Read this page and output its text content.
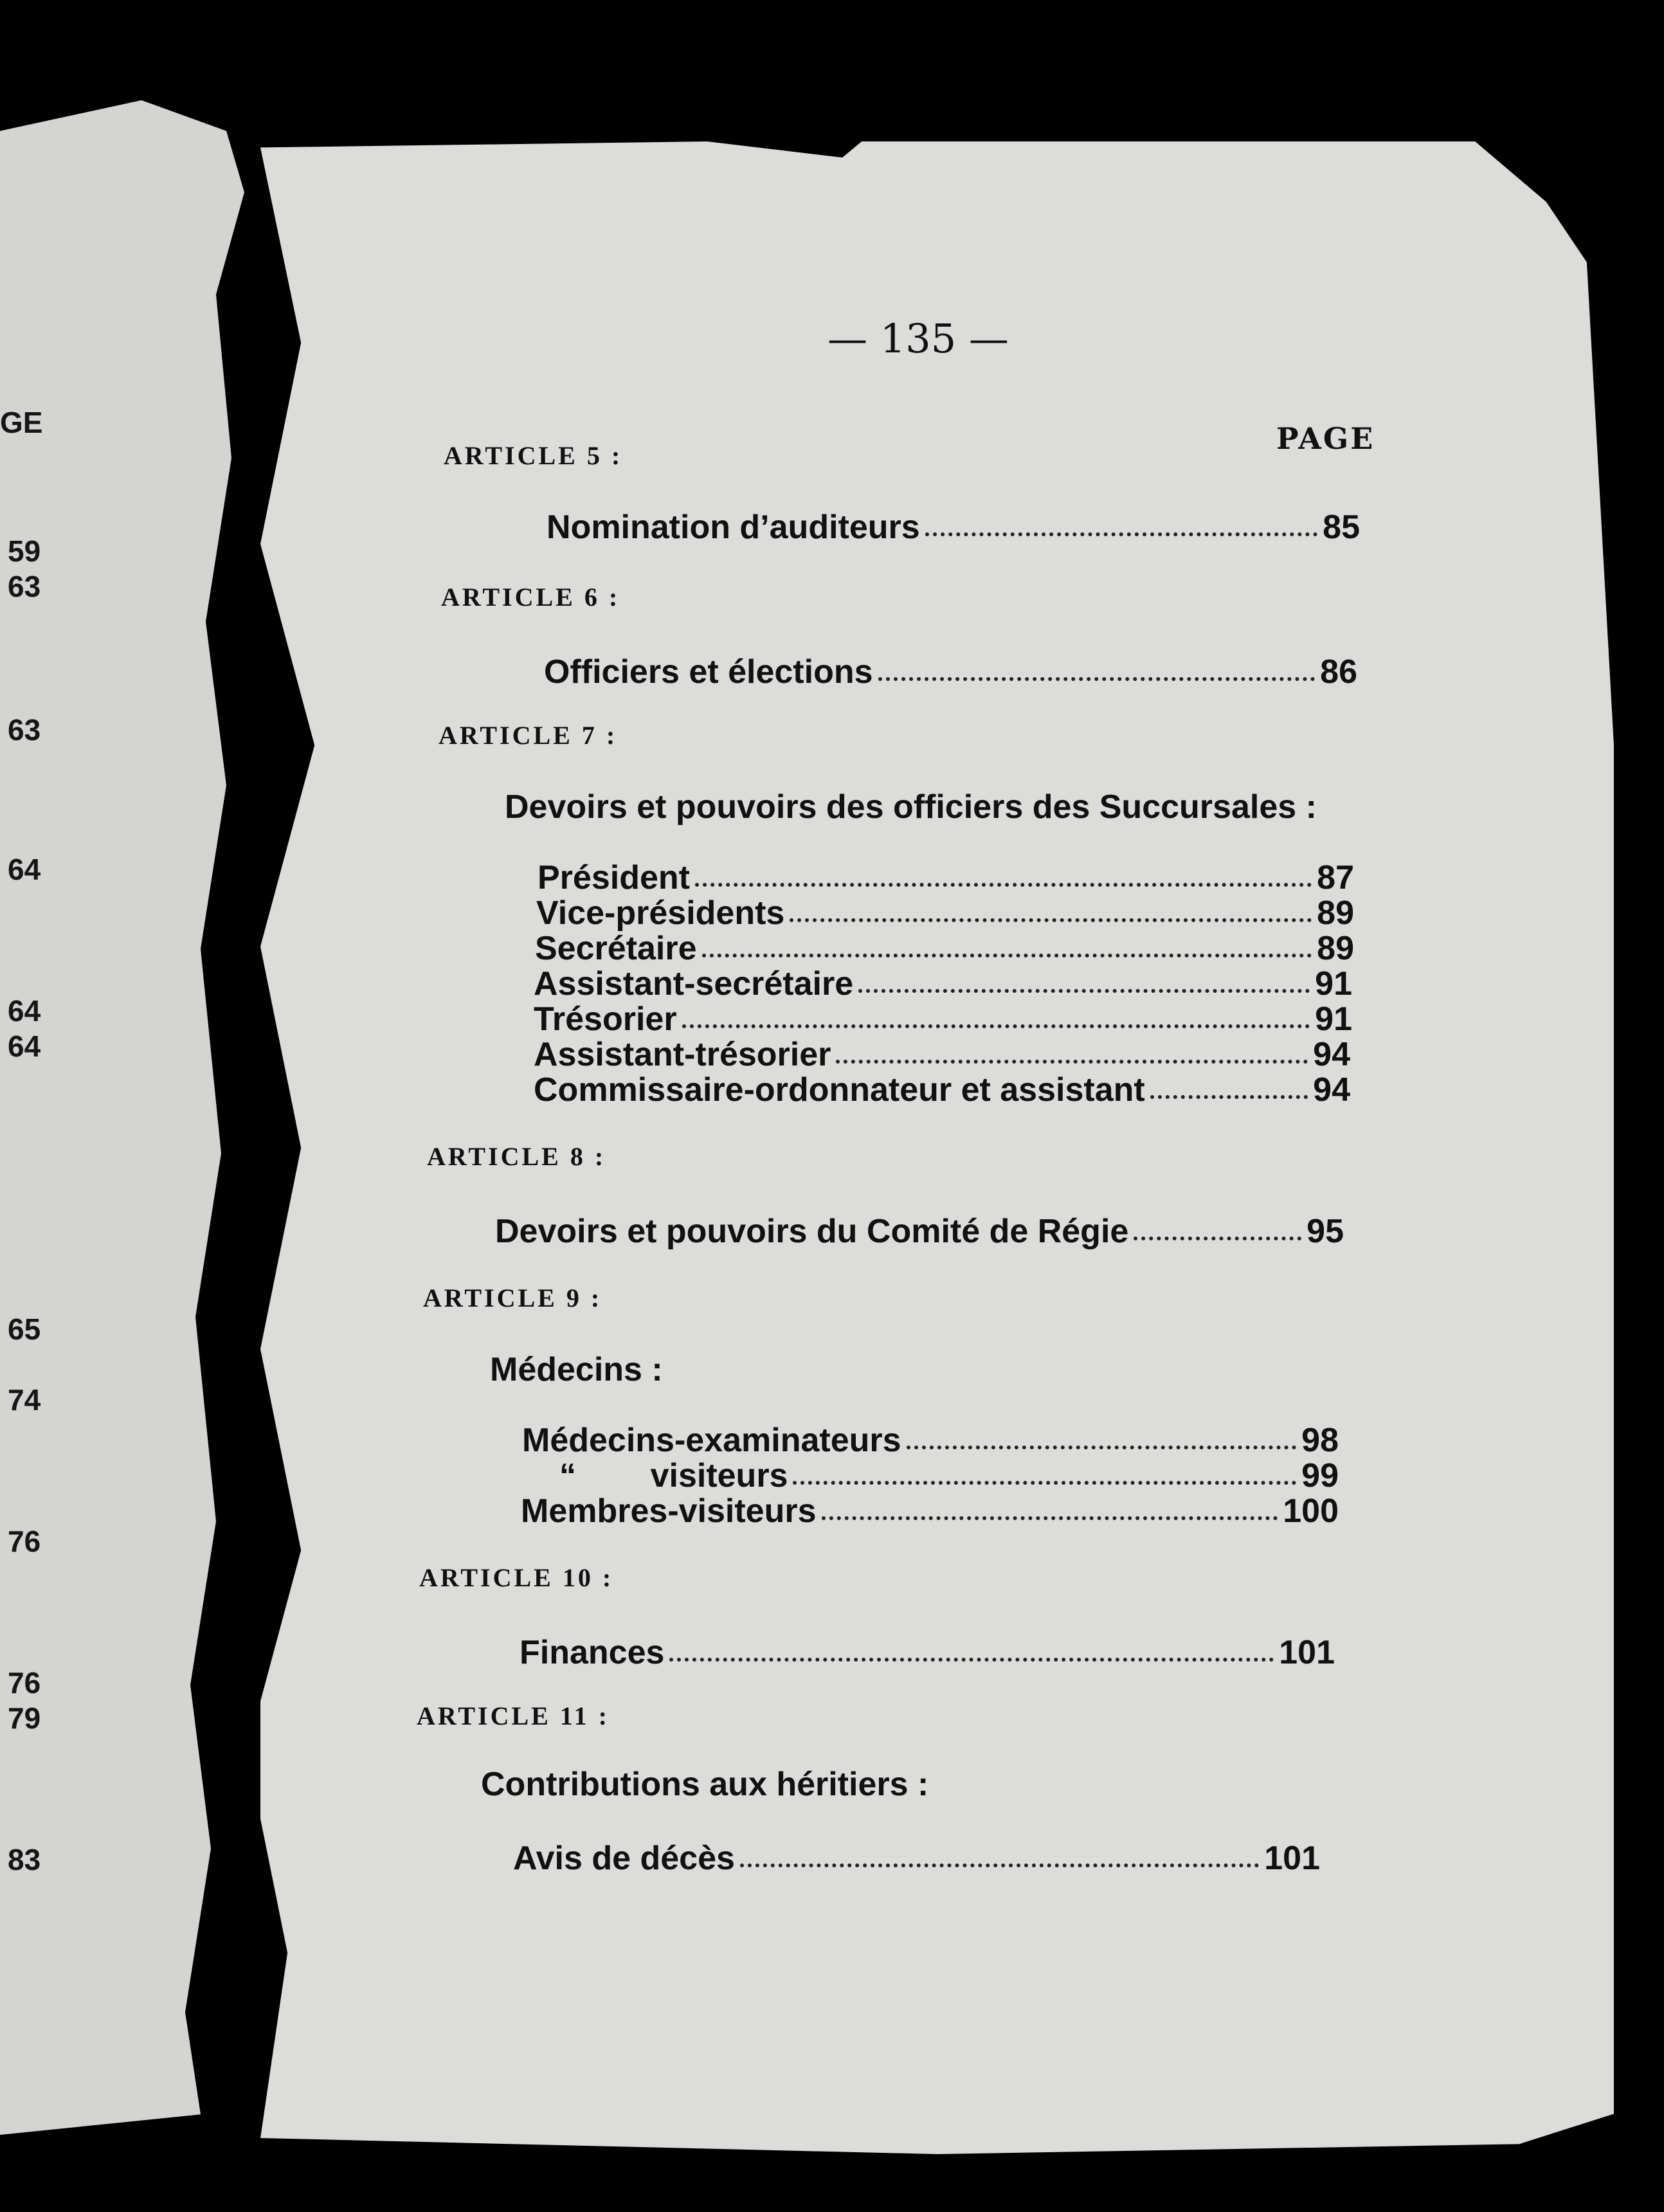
GE
59
63
63
64
64
64
65
74
76
76
79
83
— 135 —
PAGE
ARTICLE 5 :
Nomination d’auditeurs	85
ARTICLE 6 :
Officiers et élections	86
ARTICLE 7 :
Devoirs et pouvoirs des officiers des Succursales :
Président	87
Vice-présidents	89
Secrétaire	89
Assistant-secrétaire	91
Trésorier	91
Assistant-trésorier	94
Commissaire-ordonnateur et assistant	94
ARTICLE 8 :
Devoirs et pouvoirs du Comité de Régie	95
ARTICLE 9 :
Médecins :
Médecins-examinateurs	98
“        visiteurs	99
Membres-visiteurs	100
ARTICLE 10 :
Finances	101
ARTICLE 11 :
Contributions aux héritiers :
Avis de décès	101
